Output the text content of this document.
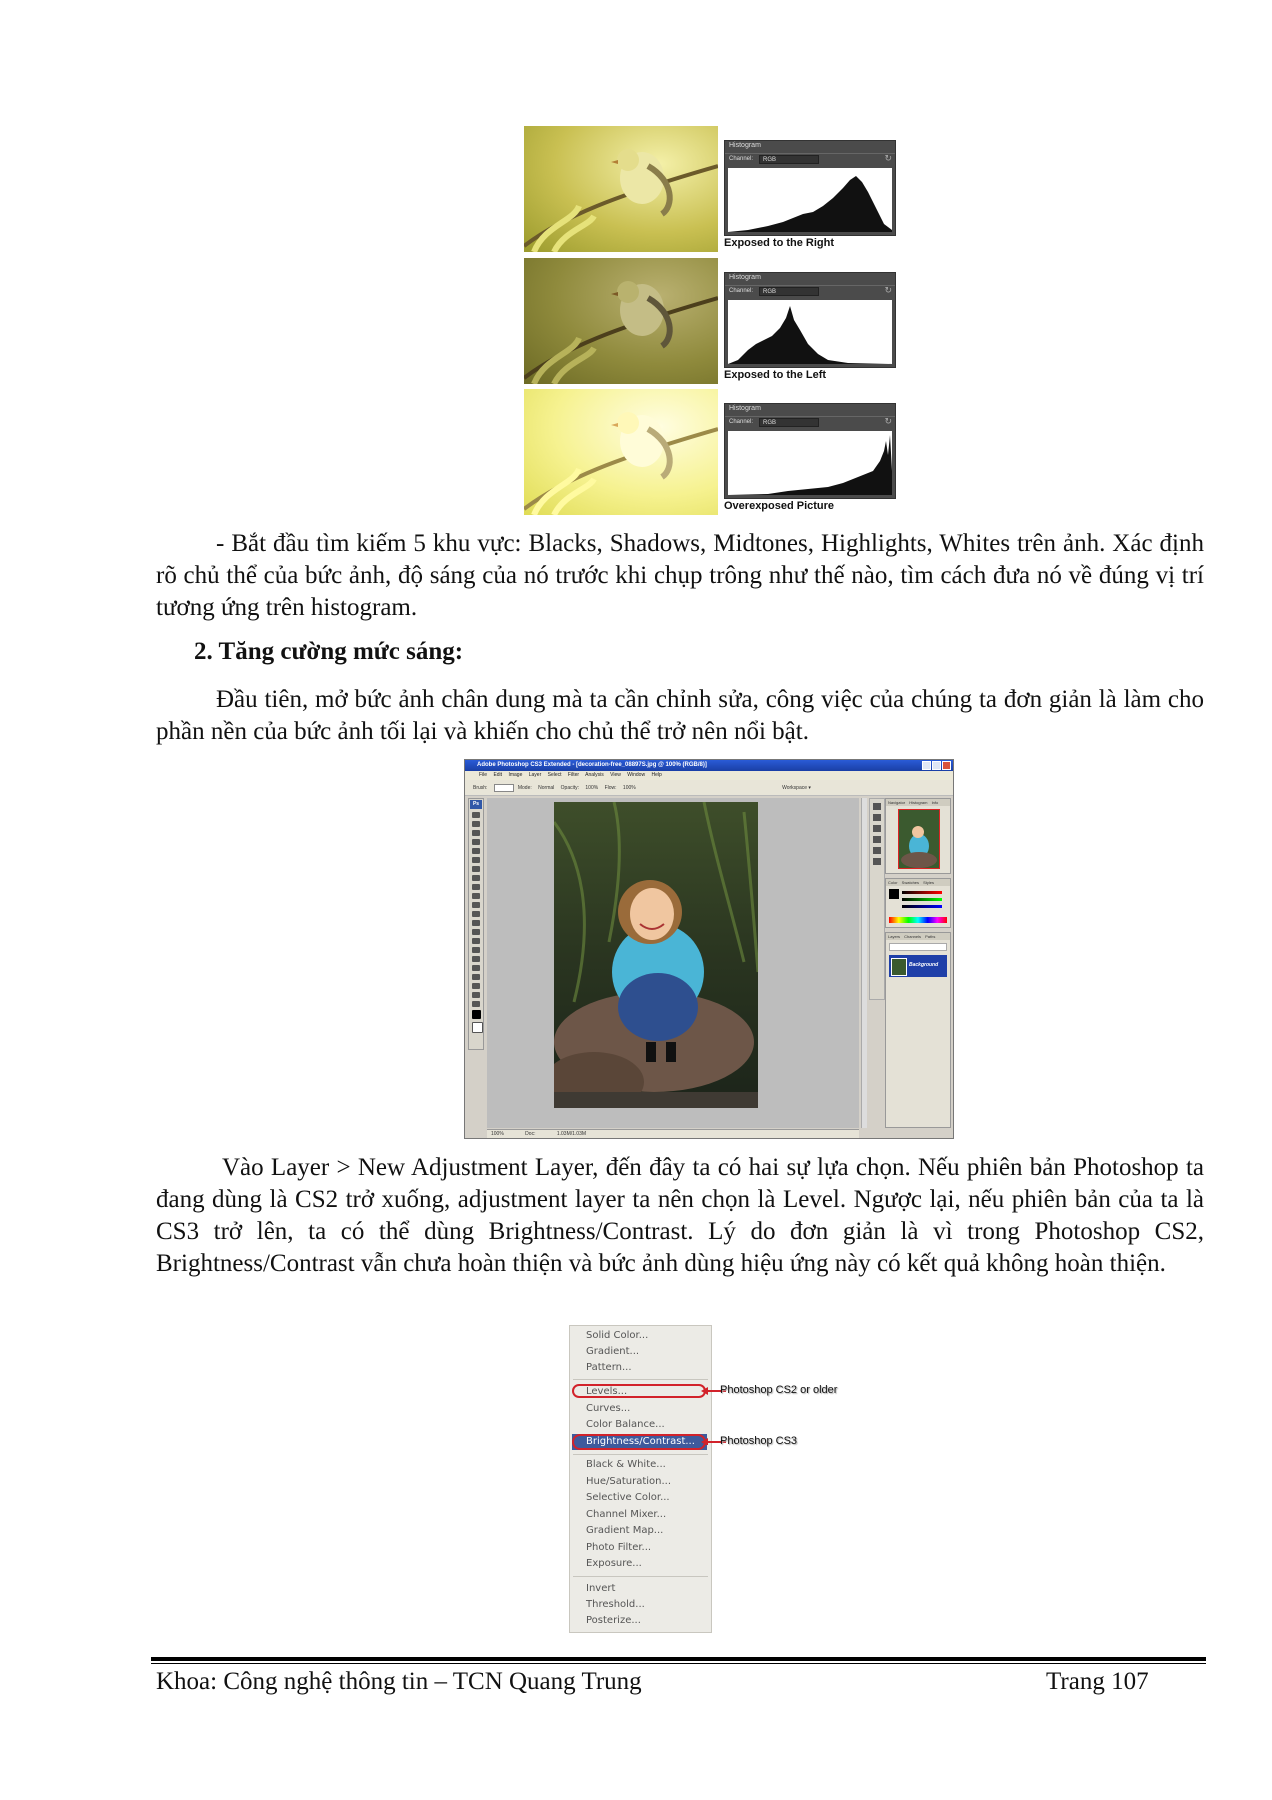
Histogram
Channel:	RGB	↻
Exposed to the Right
Histogram
Channel:	RGB	↻
Exposed to the Left
Histogram
Channel:	RGB	↻
Overexposed Picture

- Bắt đầu tìm kiếm 5 khu vực: Blacks, Shadows, Midtones, Highlights, Whites trên ảnh. Xác định rõ chủ thể của bức ảnh, độ sáng của nó trước khi chụp trông như thế nào, tìm cách đưa nó về đúng vị trí tương ứng trên histogram.

2. Tăng cường mức sáng:

Đầu tiên, mở bức ảnh chân dung mà ta cần chỉnh sửa, công việc của chúng ta đơn giản là làm cho phần nền của bức ảnh tối lại và khiến cho chủ thể trở nên nổi bật.

Adobe Photoshop CS3 Extended - [decoration-free_08897S.jpg @ 100% (RGB/8)]
File Edit Image Layer Select Filter Analysis View Window Help
Brush:	Mode: Normal Opacity: 100% Flow: 100%	Workspace ▾
Ps
100% Doc: 1.03M/1.03M
Navigator Histogram Info
Color Swatches Styles
Layers Channels Paths
Background

Vào Layer > New Adjustment Layer, đến đây ta có hai sự lựa chọn. Nếu phiên bản Photoshop ta đang dùng là CS2 trở xuống, adjustment layer ta nên chọn là Level. Ngược lại, nếu phiên bản của ta là CS3 trở lên, ta có thể dùng Brightness/Contrast. Lý do đơn giản là vì trong Photoshop CS2, Brightness/Contrast vẫn chưa hoàn thiện và bức ảnh dùng hiệu ứng này có kết quả không hoàn thiện.

Solid Color...
Gradient...
Pattern...
Levels...
Curves...
Color Balance...
Brightness/Contrast...
Black & White...
Hue/Saturation...
Selective Color...
Channel Mixer...
Gradient Map...
Photo Filter...
Exposure...
Invert
Threshold...
Posterize...
Photoshop CS2 or older
Photoshop CS3
Khoa: Công nghệ thông tin – TCN Quang Trung	Trang 107
